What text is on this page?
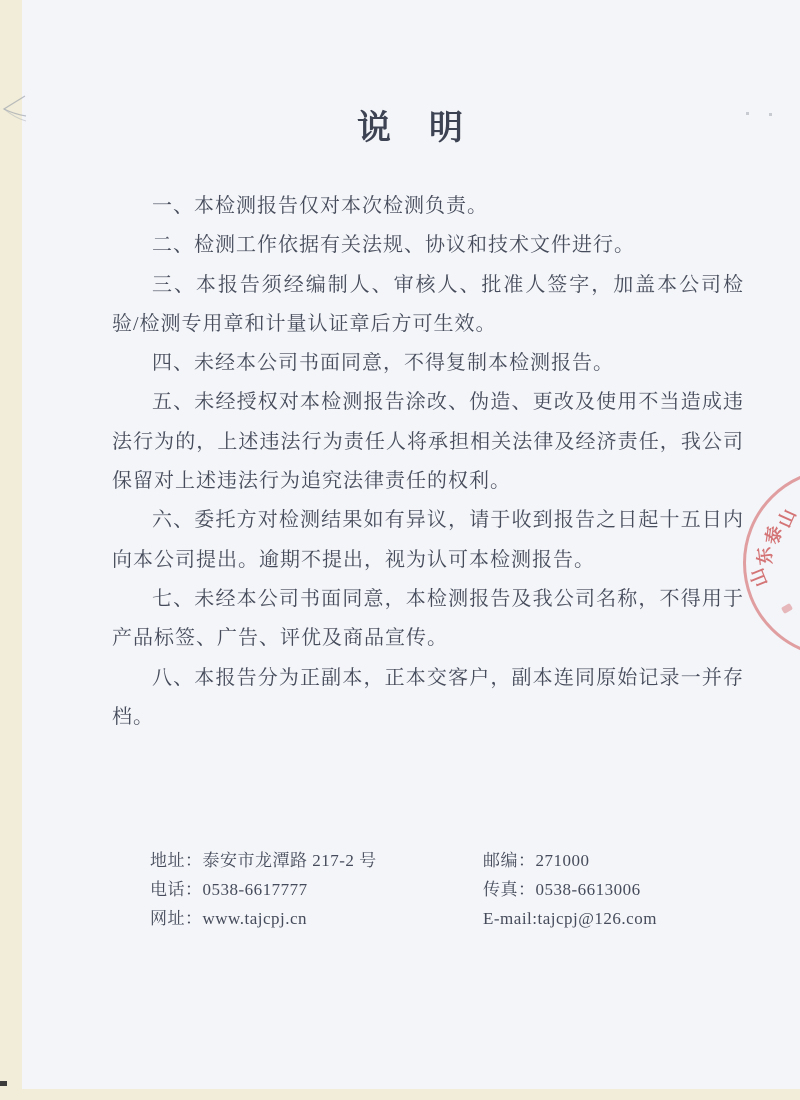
说　明

一、本检测报告仅对本次检测负责。

二、检测工作依据有关法规、协议和技术文件进行。

三、本报告须经编制人、审核人、批准人签字，加盖本公司检验/检测专用章和计量认证章后方可生效。

四、未经本公司书面同意，不得复制本检测报告。

五、未经授权对本检测报告涂改、伪造、更改及使用不当造成违法行为的，上述违法行为责任人将承担相关法律及经济责任，我公司保留对上述违法行为追究法律责任的权利。

六、委托方对检测结果如有异议，请于收到报告之日起十五日内向本公司提出。逾期不提出，视为认可本检测报告。

七、未经本公司书面同意，本检测报告及我公司名称，不得用于产品标签、广告、评优及商品宣传。

八、本报告分为正副本，正本交客户，副本连同原始记录一并存档。

地址：泰安市龙潭路 217-2 号

电话：0538-6617777

网址：www.tajcpj.cn

邮编：271000

传真：0538-6613006

E-mail:tajcpj@126.com

山
东
泰
山
